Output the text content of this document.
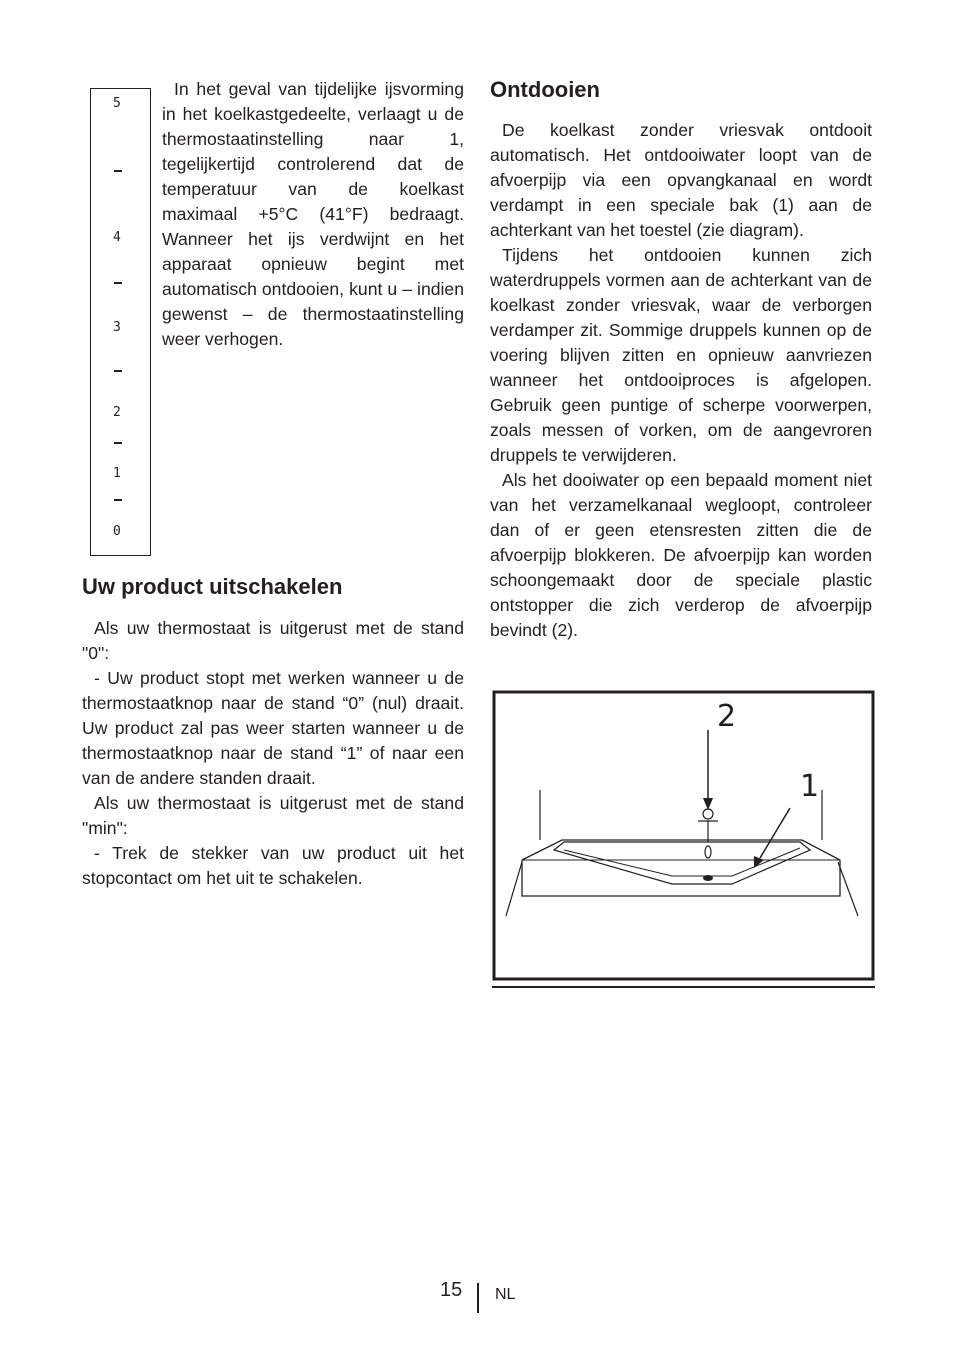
5
4
3
2
1
0

In het geval van tijdelijke ijsvorming in het koelkastgedeelte, verlaagt u de thermostaatinstelling naar 1, tegelijkertijd controlerend dat de temperatuur van de koelkast maximaal +5°C (41°F) bedraagt. Wanneer het ijs verdwijnt en het apparaat opnieuw begint met automatisch ontdooien, kunt u – indien gewenst – de thermostaatinstelling weer verhogen.

Uw product uitschakelen

Als uw thermostaat is uitgerust met de stand "0":

- Uw product stopt met werken wanneer u de thermostaatknop naar de stand “0” (nul) draait. Uw product zal pas weer starten wanneer u de thermostaatknop naar de stand “1” of naar een van de andere standen draait.

Als uw thermostaat is uitgerust met de stand "min":

- Trek de stekker van uw product uit het stopcontact om het uit te schakelen.

Ontdooien

De koelkast zonder vriesvak ontdooit automatisch. Het ontdooiwater loopt van de afvoerpijp via een opvangkanaal en wordt verdampt in een speciale bak (1) aan de achterkant van het toestel (zie diagram).

Tijdens het ontdooien kunnen zich waterdruppels vormen aan de achterkant van de koelkast zonder vriesvak, waar de verborgen verdamper zit. Sommige druppels kunnen op de voering blijven zitten en opnieuw aanvriezen wanneer het ontdooiproces is afgelopen. Gebruik geen puntige of scherpe voorwerpen, zoals messen of vorken, om de aangevroren druppels te verwijderen.

Als het dooiwater op een bepaald moment niet van het verzamelkanaal wegloopt, controleer dan of er geen etensresten zitten die de afvoerpijp blokkeren. De afvoerpijp kan worden schoongemaakt door de speciale plastic ontstopper die zich verderop de afvoerpijp bevindt (2).

2
1
15 NL
